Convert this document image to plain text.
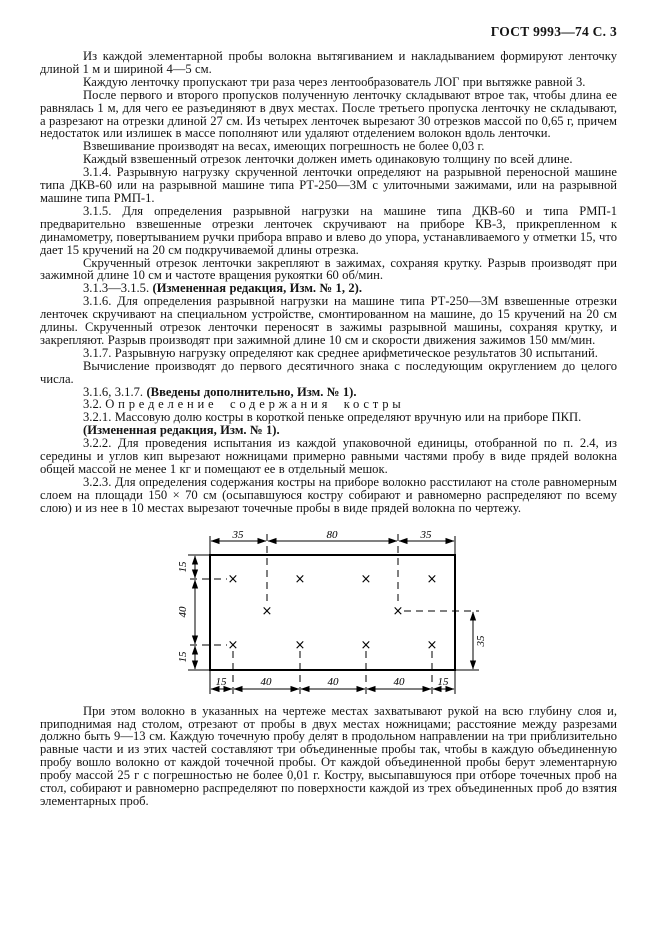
ГОСТ 9993—74 С. 3

Из каждой элементарной пробы волокна вытягиванием и накладыванием формируют ленточку длиной 1 м и шириной 4—5 см.

Каждую ленточку пропускают три раза через лентообразователь ЛОГ при вытяжке равной 3.

После первого и второго пропусков полученную ленточку складывают втрое так, чтобы длина ее равнялась 1 м, для чего ее разъединяют в двух местах. После третьего пропуска ленточку не складывают, а разрезают на отрезки длиной 27 см. Из четырех ленточек вырезают 30 отрезков массой по 0,65 г, причем недостаток или излишек в массе пополняют или удаляют отделением волокон вдоль ленточки.

Взвешивание производят на весах, имеющих погрешность не более 0,03 г.

Каждый взвешенный отрезок ленточки должен иметь одинаковую толщину по всей длине.

3.1.4. Разрывную нагрузку скрученной ленточки определяют на разрывной переносной машине типа ДКВ-60 или на разрывной машине типа РТ-250—3М с улиточными зажимами, или на разрывной машине типа РМП-1.

3.1.5. Для определения разрывной нагрузки на машине типа ДКВ-60 и типа РМП-1 предварительно взвешенные отрезки ленточек скручивают на приборе КВ-3, прикрепленном к динамометру, повертыванием ручки прибора вправо и влево до упора, устанавливаемого у отметки 15, что дает 15 кручений на 20 см подкручиваемой длины отрезка.

Скрученный отрезок ленточки закрепляют в зажимах, сохраняя крутку. Разрыв производят при зажимной длине 10 см и частоте вращения рукоятки 60 об/мин.

3.1.3—3.1.5. (Измененная редакция, Изм. № 1, 2).

3.1.6. Для определения разрывной нагрузки на машине типа РТ-250—3М взвешенные отрезки ленточек скручивают на специальном устройстве, смонтированном на машине, до 15 кручений на 20 см длины. Скрученный отрезок ленточки переносят в зажимы разрывной машины, сохраняя крутку, и закрепляют. Разрыв производят при зажимной длине 10 см и скорости движения зажимов 150 мм/мин.

3.1.7. Разрывную нагрузку определяют как среднее арифметическое результатов 30 испытаний.

Вычисление производят до первого десятичного знака с последующим округлением до целого числа.

3.1.6, 3.1.7. (Введены дополнительно, Изм. № 1).

3.2. Определение содержания костры

3.2.1. Массовую долю костры в короткой пеньке определяют вручную или на приборе ПКП.

(Измененная редакция, Изм. № 1).

3.2.2. Для проведения испытания из каждой упаковочной единицы, отобранной по п. 2.4, из середины и углов кип вырезают ножницами примерно равными частями пробу в виде прядей волокна общей массой не менее 1 кг и помещают ее в отдельный мешок.

3.2.3. Для определения содержания костры на приборе волокно расстилают на столе равномерным слоем на площади 150 × 70 см (осыпавшуюся костру собирают и равномерно распределяют по всему слою) и из нее в 10 местах вырезают точечные пробы в виде прядей волокна по чертежу.

35	80	35
15	40	40	40	15
15
40
15
35
×	×	×	×
×	×
×	×	×	×

При этом волокно в указанных на чертеже местах захватывают рукой на всю глубину слоя и, приподнимая над столом, отрезают от пробы в двух местах ножницами; расстояние между разрезами должно быть 9—13 см. Каждую точечную пробу делят в продольном направлении на три приблизительно равные части и из этих частей составляют три объединенные пробы так, чтобы в каждую объединенную пробу вошло волокно от каждой точечной пробы. От каждой объединенной пробы берут элементарную пробу массой 25 г с погрешностью не более 0,01 г. Костру, высыпавшуюся при отборе точечных проб на стол, собирают и равномерно распределяют по поверхности каждой из трех объединенных проб до взятия элементарных проб.
